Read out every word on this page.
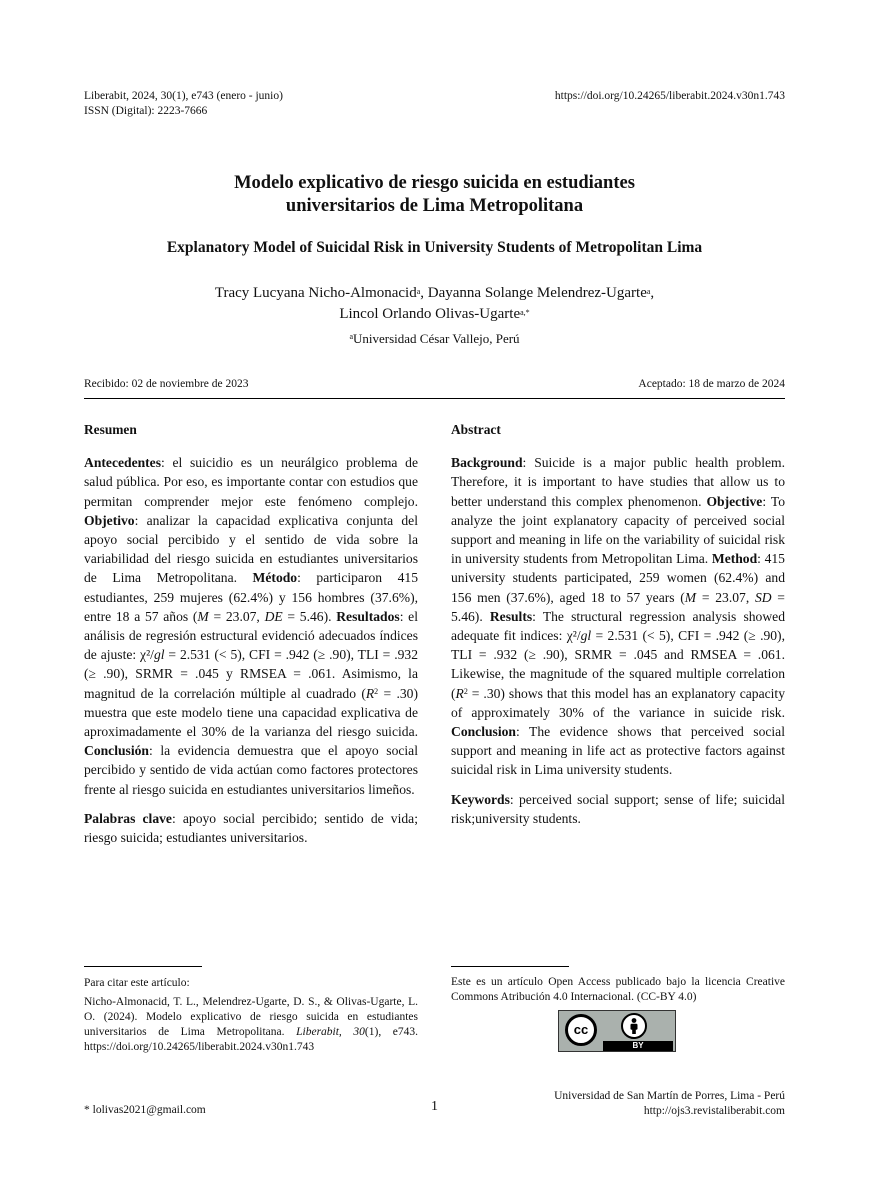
Liberabit, 2024, 30(1), e743 (enero - junio)
ISSN (Digital): 2223-7666
https://doi.org/10.24265/liberabit.2024.v30n1.743
Modelo explicativo de riesgo suicida en estudiantes
universitarios de Lima Metropolitana
Explanatory Model of Suicidal Risk in University Students of Metropolitan Lima
Tracy Lucyana Nicho-Almonacid$^a$, Dayanna Solange Melendrez-Ugarte$^a$,
Lincol Orlando Olivas-Ugarte$^{a,*}$
$^a$Universidad César Vallejo, Perú
Recibido: 02 de noviembre de 2023	Aceptado: 18 de marzo de 2024
Resumen

Antecedentes: el suicidio es un neurálgico problema de salud pública. Por eso, es importante contar con estudios que permitan comprender mejor este fenómeno complejo. Objetivo: analizar la capacidad explicativa conjunta del apoyo social percibido y el sentido de vida sobre la variabilidad del riesgo suicida en estudiantes universitarios de Lima Metropolitana. Método: participaron 415 estudiantes, 259 mujeres (62.4%) y 156 hombres (37.6%), entre 18 a 57 años (M = 23.07, DE = 5.46). Resultados: el análisis de regresión estructural evidenció adecuados índices de ajuste: χ²/gl = 2.531 (< 5), CFI = .942 (≥ .90), TLI = .932 (≥ .90), SRMR = .045 y RMSEA = .061. Asimismo, la magnitud de la correlación múltiple al cuadrado $(R^2 = .30)$ muestra que este modelo tiene una capacidad explicativa de aproximadamente el 30% de la varianza del riesgo suicida. Conclusión: la evidencia demuestra que el apoyo social percibido y sentido de vida actúan como factores protectores frente al riesgo suicida en estudiantes universitarios limeños.

Palabras clave: apoyo social percibido; sentido de vida; riesgo suicida; estudiantes universitarios.

Abstract

Background: Suicide is a major public health problem. Therefore, it is important to have studies that allow us to better understand this complex phenomenon. Objective: To analyze the joint explanatory capacity of perceived social support and meaning in life on the variability of suicidal risk in university students from Metropolitan Lima. Method: 415 university students participated, 259 women (62.4%) and 156 men (37.6%), aged 18 to 57 years (M = 23.07, SD = 5.46). Results: The structural regression analysis showed adequate fit indices: χ²/gl = 2.531 (< 5), CFI = .942 (≥ .90), TLI = .932 (≥ .90), SRMR = .045 and RMSEA = .061. Likewise, the magnitude of the squared multiple correlation $(R^2 = .30)$ shows that this model has an explanatory capacity of approximately 30% of the variance in suicide risk. Conclusion: The evidence shows that perceived social support and meaning in life act as protective factors against suicidal risk in Lima university students.

Keywords: perceived social support; sense of life; suicidal risk;university students.

Para citar este artículo:
Nicho-Almonacid, T. L., Melendrez-Ugarte, D. S., & Olivas-Ugarte, L. O. (2024). Modelo explicativo de riesgo suicida en estudiantes universitarios de Lima Metropolitana. Liberabit, 30(1), e743. https://doi.org/10.24265/liberabit.2024.v30n1.743
Este es un artículo Open Access publicado bajo la licencia Creative Commons Atribución 4.0 Internacional. (CC-BY 4.0)
cc
BY
Universidad de San Martín de Porres, Lima - Perú
http://ojs3.revistaliberabit.com
* lolivas2021@gmail.com	1
